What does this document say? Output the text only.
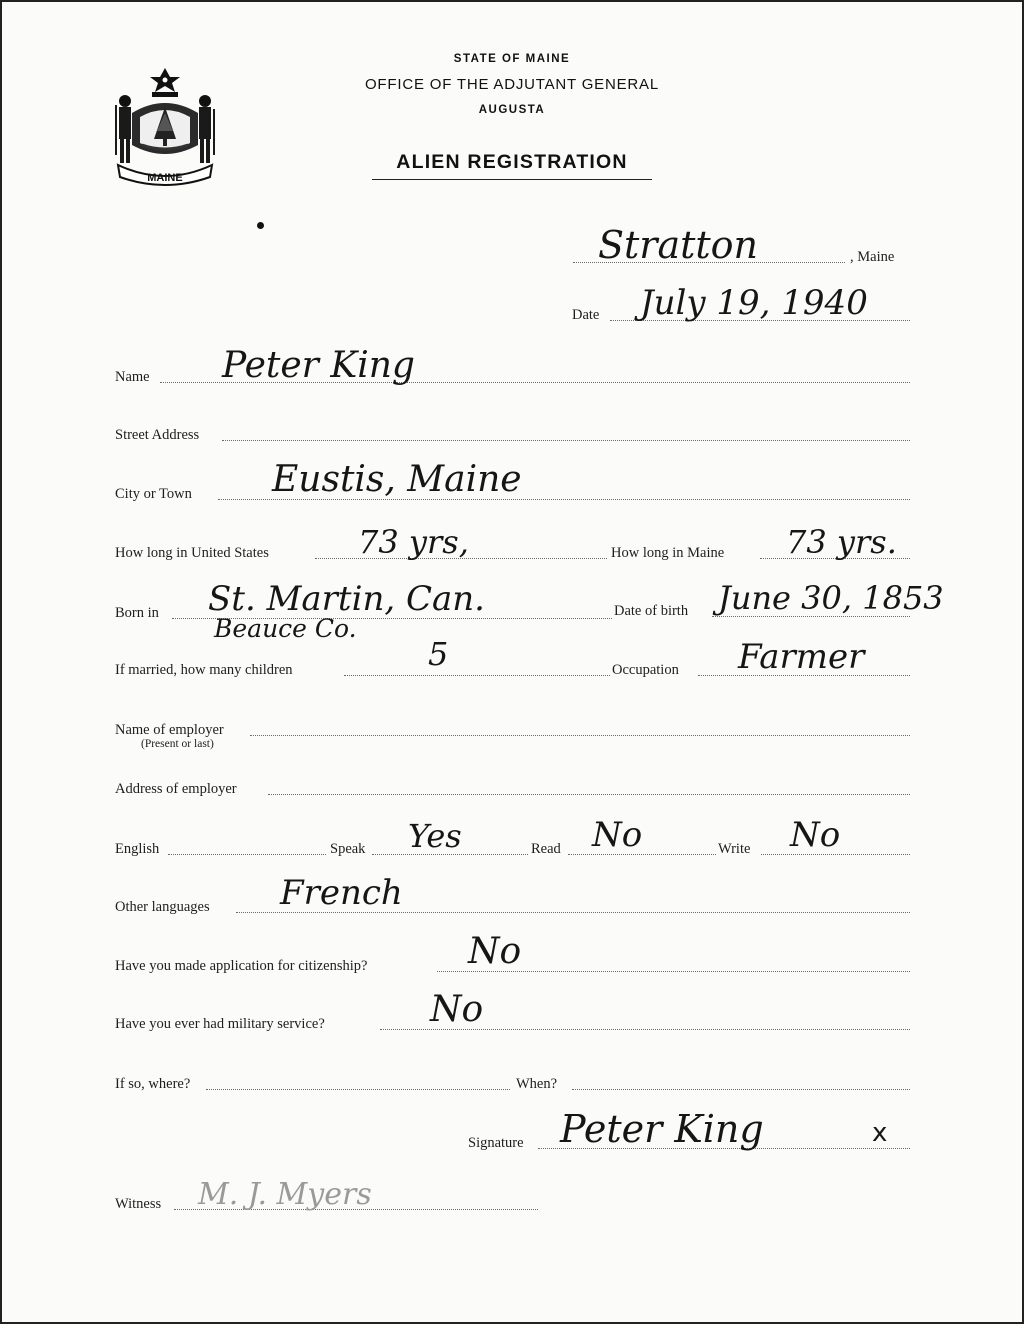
MAINE
STATE OF MAINE
OFFICE OF THE ADJUTANT GENERAL
AUGUSTA
ALIEN REGISTRATION
Stratton	, Maine
Date July 19, 1940
Name Peter King
Street Address
City or Town Eustis, Maine
How long in United States	73 yrs,	How long in Maine 73 yrs.
Born in St. Martin, Can.
Beauce Co.
Date of birth June 30, 1853
If married, how many children	5	Occupation Farmer
Name of employer
(Present or last)
Address of employer
English	Speak Yes	Read No	Write No
Other languages French
Have you made application for citizenship?	No
Have you ever had military service?	No
If so, where?	When?
Signature Peter King	x
Witness M. J. Myers
